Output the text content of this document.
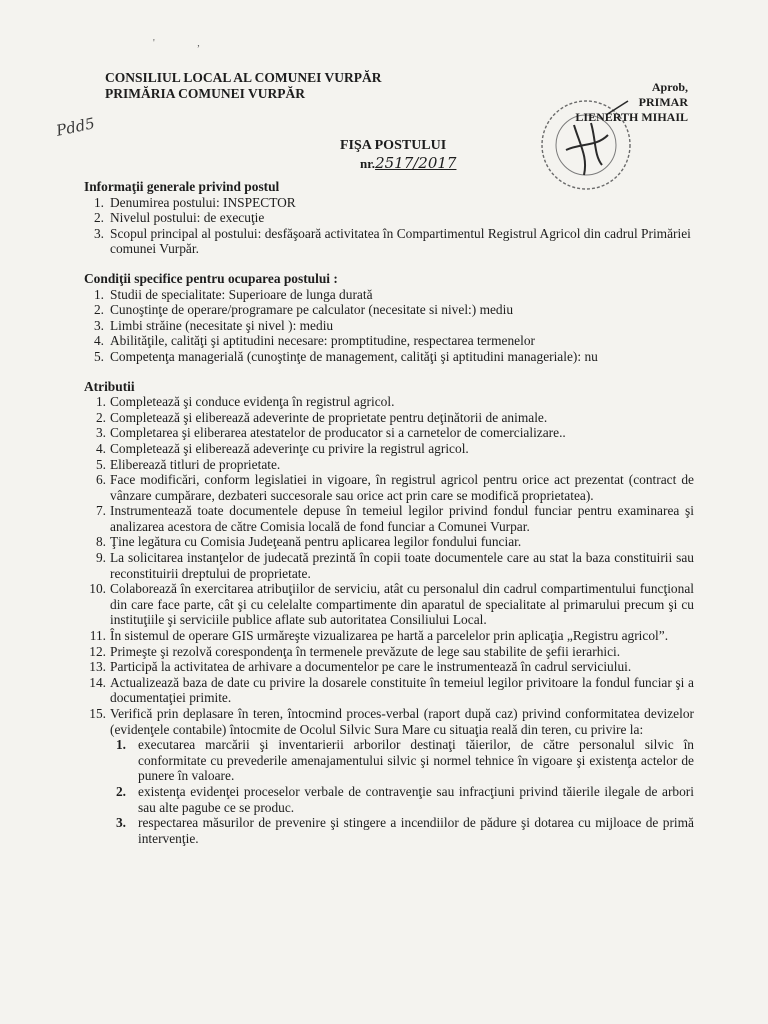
' ,
CONSILIUL LOCAL AL COMUNEI VURPĂR
PRIMĂRIA COMUNEI VURPĂR
Pdd5
Aprob,
PRIMAR
LIENERTH MIHAIL
FIŞA POSTULUI
nr.2517/2017

Informaţii generale privind postul

1. Denumirea postului: INSPECTOR
2. Nivelul postului: de execuţie
3. Scopul principal al postului: desfăşoară activitatea în Compartimentul Registrul Agricol din cadrul Primăriei comunei Vurpăr.

Condiţii specifice pentru ocuparea postului :

1. Studii de specialitate: Superioare de lunga durată
2. Cunoştinţe de operare/programare pe calculator (necesitate si nivel:) mediu
3. Limbi străine (necesitate şi nivel ): mediu
4. Abilităţile, calităţi şi aptitudini necesare: promptitudine, respectarea termenelor
5. Competenţa managerială (cunoştinţe de management, calităţi şi aptitudini manageriale): nu

Atributii

1. Completează şi conduce evidenţa în registrul agricol.
2. Completează şi eliberează adeverinte de proprietate pentru deţinătorii de animale.
3. Completarea şi eliberarea atestatelor de producator si a carnetelor de comercializare..
4. Completează şi eliberează adeverinţe cu privire la registrul agricol.
5. Eliberează titluri de proprietate.
6. Face modificări, conform legislatiei in vigoare, în registrul agricol pentru orice act prezentat (contract de vânzare cumpărare, dezbateri succesorale sau orice act prin care se modifică proprietatea).
7. Instrumentează toate documentele depuse în temeiul legilor privind fondul funciar pentru examinarea şi analizarea acestora de către Comisia locală de fond funciar a Comunei Vurpar.
8. Ţine legătura cu Comisia Judeţeană pentru aplicarea legilor fondului funciar.
9. La solicitarea instanţelor de judecată prezintă în copii toate documentele care au stat la baza constituirii sau reconstituirii dreptului de proprietate.
10. Colaborează în exercitarea atribuţiilor de serviciu, atât cu personalul din cadrul compartimentului funcţional din care face parte, cât şi cu celelalte compartimente din aparatul de specialitate al primarului precum şi cu instituţiile şi serviciile publice aflate sub autoritatea Consiliului Local.
11. În sistemul de operare GIS urmăreşte vizualizarea pe hartă a parcelelor prin aplicaţia „Registru agricol”.
12. Primeşte şi rezolvă corespondenţa în termenele prevăzute de lege sau stabilite de şefii ierarhici.
13. Participă la activitatea de arhivare a documentelor pe care le instrumentează în cadrul serviciului.
14. Actualizează baza de date cu privire la dosarele constituite în temeiul legilor privitoare la fondul funciar şi a documentaţiei primite.
15. Verifică prin deplasare în teren, întocmind proces-verbal (raport după caz) privind conformitatea devizelor (evidenţele contabile) întocmite de Ocolul Silvic Sura Mare cu situaţia reală din teren, cu privire la:
1. executarea marcării şi inventarierii arborilor destinaţi tăierilor, de către personalul silvic în conformitate cu prevederile amenajamentului silvic şi normel tehnice în vigoare şi existenţa actelor de punere în valoare.
2. existenţa evidenţei proceselor verbale de contravenţie sau infracţiuni privind tăierile ilegale de arbori sau alte pagube ce se produc.
3. respectarea măsurilor de prevenire şi stingere a incendiilor de pădure şi dotarea cu mijloace de primă intervenţie.
